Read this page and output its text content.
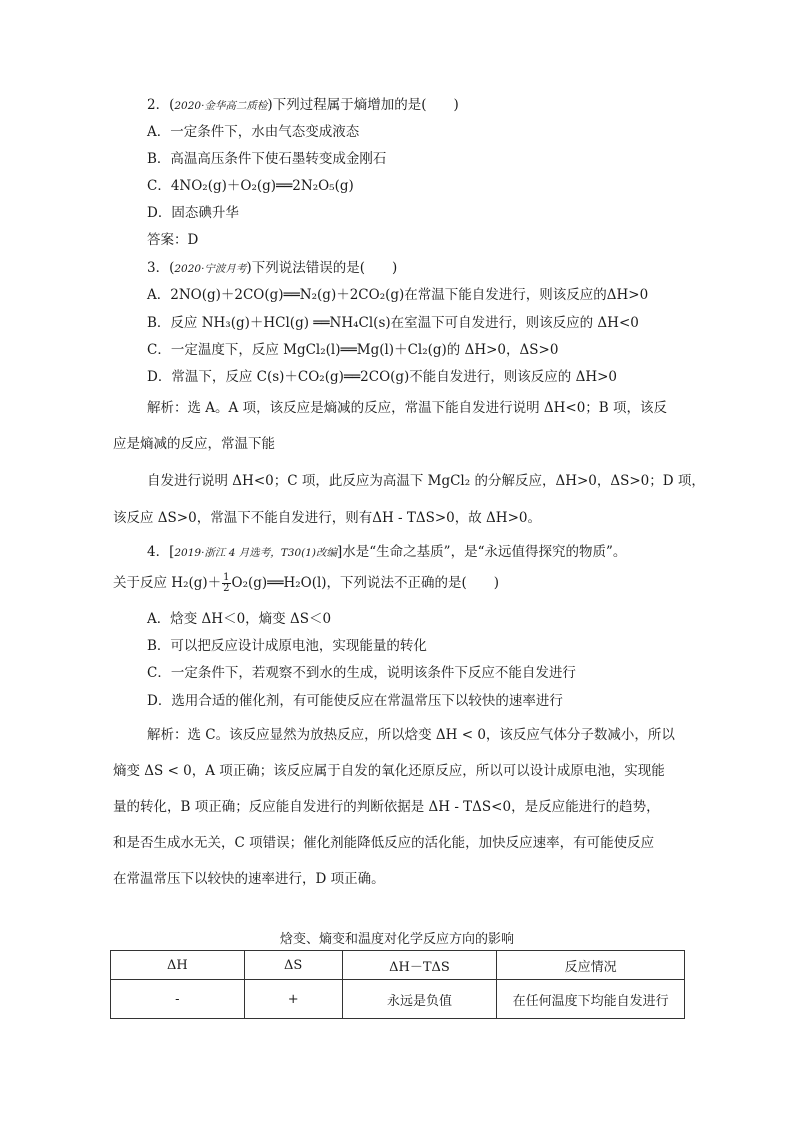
2．(2020·金华高二质检)下列过程属于熵增加的是(　　)
A．一定条件下，水由气态变成液态
B．高温高压条件下使石墨转变成金刚石
C．4NO₂(g)＋O₂(g)══2N₂O₅(g)
D．固态碘升华
答案：D
3．(2020·宁波月考)下列说法错误的是(　　)
A．2NO(g)＋2CO(g)══N₂(g)＋2CO₂(g)在常温下能自发进行，则该反应的ΔH>0
B．反应 NH₃(g)＋HCl(g) ══NH₄Cl(s)在室温下可自发进行，则该反应的 ΔH<0
C．一定温度下，反应 MgCl₂(l)══Mg(l)＋Cl₂(g)的 ΔH>0，ΔS>0
D．常温下，反应 C(s)＋CO₂(g)══2CO(g)不能自发进行，则该反应的 ΔH>0
解析：选 A。A 项，该反应是熵减的反应，常温下能自发进行说明 ΔH<0；B 项，该反
应是熵减的反应，常温下能
自发进行说明 ΔH<0；C 项，此反应为高温下 MgCl₂ 的分解反应，ΔH>0，ΔS>0；D 项，
该反应 ΔS>0，常温下不能自发进行，则有ΔH - TΔS>0，故 ΔH>0。
4．[2019·浙江 4 月选考，T30(1)改编]水是“生命之基质”，是“永远值得探究的物质”。
关于反应 $H_2(g)+ \frac{1}{2}$ O₂(g)══H₂O(l)，下列说法不正确的是(　　)
A．焓变 ΔH＜0，熵变 ΔS＜0
B．可以把反应设计成原电池，实现能量的转化
C．一定条件下，若观察不到水的生成，说明该条件下反应不能自发进行
D．选用合适的催化剂，有可能使反应在常温常压下以较快的速率进行
解析：选 C。该反应显然为放热反应，所以焓变 ΔH < 0，该反应气体分子数减小，所以
熵变 ΔS < 0，A 项正确；该反应属于自发的氧化还原反应，所以可以设计成原电池，实现能
量的转化，B 项正确；反应能自发进行的判断依据是 ΔH - TΔS<0，是反应能进行的趋势，
和是否生成水无关，C 项错误；催化剂能降低反应的活化能，加快反应速率，有可能使反应
在常温常压下以较快的速率进行，D 项正确。
焓变、熵变和温度对化学反应方向的影响
ΔH	ΔS	ΔH－TΔS	反应情况
-	+	永远是负值	在任何温度下均能自发进行
